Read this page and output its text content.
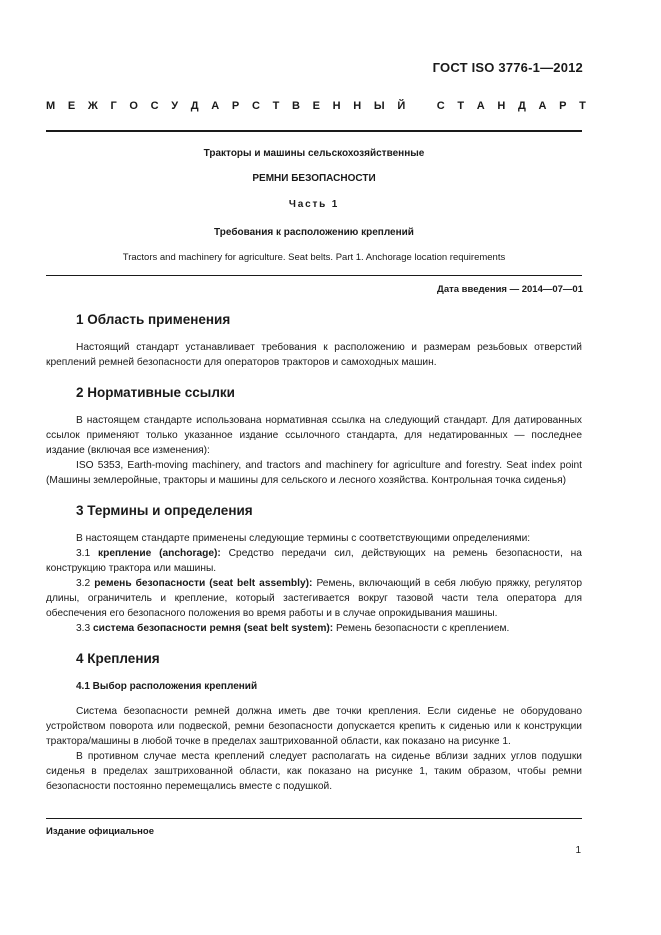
ГОСТ ISO 3776-1—2012
М Е Ж Г О С У Д А Р С Т В Е Н Н Ы Й
	С Т А Н Д А Р Т
Тракторы и машины сельскохозяйственные
РЕМНИ БЕЗОПАСНОСТИ
Часть 1
Требования к расположению креплений
Tractors and machinery for agriculture. Seat belts. Part 1. Anchorage location requirements
Дата введения — 2014—07—01
1 Область применения

Настоящий стандарт устанавливает требования к расположению и размерам резьбовых отверстий креплений ремней безопасности для операторов тракторов и самоходных машин.

2 Нормативные ссылки

В настоящем стандарте использована нормативная ссылка на следующий стандарт. Для датированных ссылок применяют только указанное издание ссылочного стандарта, для недатированных — последнее издание (включая все изменения):

ISO 5353, Earth-moving machinery, and tractors and machinery for agriculture and forestry. Seat index point (Машины землеройные, тракторы и машины для сельского и лесного хозяйства. Контрольная точка сиденья)

3 Термины и определения

В настоящем стандарте применены следующие термины с соответствующими определениями:

3.1 крепление (anchorage): Средство передачи сил, действующих на ремень безопасности, на конструкцию трактора или машины.

3.2 ремень безопасности (seat belt assembly): Ремень, включающий в себя любую пряжку, регулятор длины, ограничитель и крепление, который застегивается вокруг тазовой части тела оператора для обеспечения его безопасного положения во время работы и в случае опрокидывания машины.

3.3 система безопасности ремня (seat belt system): Ремень безопасности с креплением.

4 Крепления
4.1 Выбор расположения креплений

Система безопасности ремней должна иметь две точки крепления. Если сиденье не оборудовано устройством поворота или подвеской, ремни безопасности допускается крепить к сиденью или к конструкции трактора/машины в любой точке в пределах заштрихованной области, как показано на рисунке 1.

В противном случае места креплений следует располагать на сиденье вблизи задних углов подушки сиденья в пределах заштрихованной области, как показано на рисунке 1, таким образом, чтобы ремни безопасности постоянно перемещались вместе с подушкой.

Издание официальное
1
